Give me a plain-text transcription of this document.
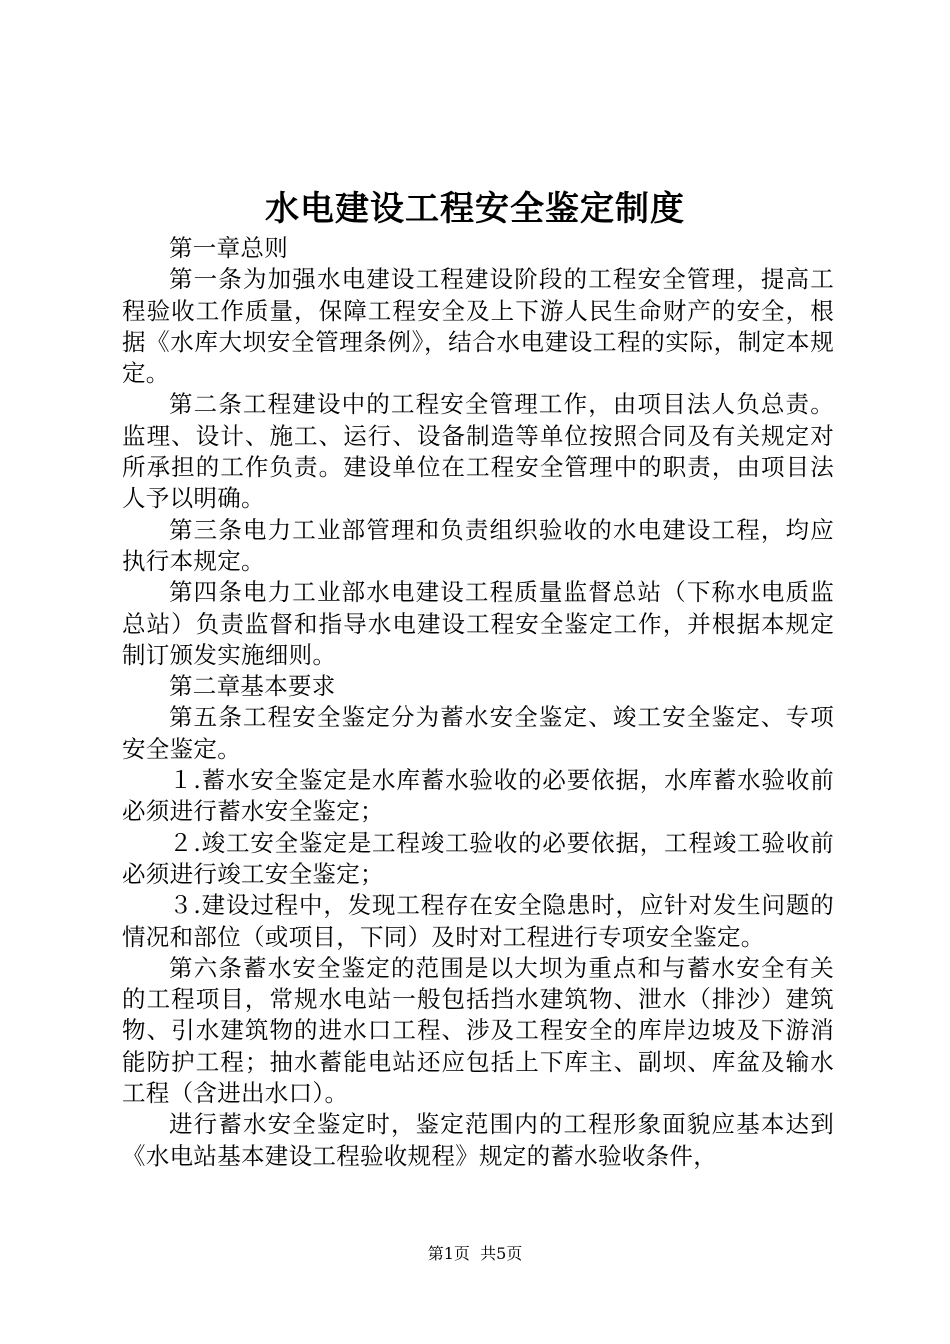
水电建设工程安全鉴定制度

第一章总则

第一条为加强水电建设工程建设阶段的工程安全管理，提高工程验收工作质量，保障工程安全及上下游人民生命财产的安全，根据《水库大坝安全管理条例》，结合水电建设工程的实际，制定本规定。

第二条工程建设中的工程安全管理工作，由项目法人负总责。监理、设计、施工、运行、设备制造等单位按照合同及有关规定对所承担的工作负责。建设单位在工程安全管理中的职责，由项目法人予以明确。

第三条电力工业部管理和负责组织验收的水电建设工程，均应执行本规定。

第四条电力工业部水电建设工程质量监督总站（下称水电质监总站）负责监督和指导水电建设工程安全鉴定工作，并根据本规定制订颁发实施细则。

第二章基本要求

第五条工程安全鉴定分为蓄水安全鉴定、竣工安全鉴定、专项安全鉴定。

１.蓄水安全鉴定是水库蓄水验收的必要依据，水库蓄水验收前必须进行蓄水安全鉴定；

２.竣工安全鉴定是工程竣工验收的必要依据，工程竣工验收前必须进行竣工安全鉴定；

３.建设过程中，发现工程存在安全隐患时，应针对发生问题的情况和部位（或项目，下同）及时对工程进行专项安全鉴定。

第六条蓄水安全鉴定的范围是以大坝为重点和与蓄水安全有关的工程项目，常规水电站一般包括挡水建筑物、泄水（排沙）建筑物、引水建筑物的进水口工程、涉及工程安全的库岸边坡及下游消能防护工程；抽水蓄能电站还应包括上下库主、副坝、库盆及输水工程（含进出水口）。

进行蓄水安全鉴定时，鉴定范围内的工程形象面貌应基本达到《水电站基本建设工程验收规程》规定的蓄水验收条件，

第1页  共5页
